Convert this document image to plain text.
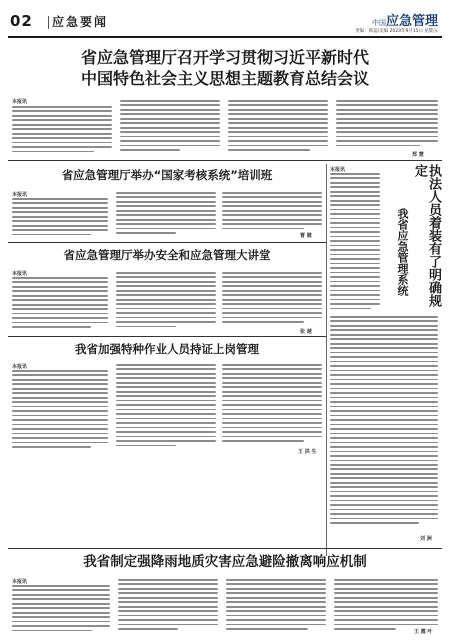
02 应急要闻	中国应急管理
责编：韩蕊/美编 2023年9月15日 星期五
省应急管理厅召开学习贯彻习近平新时代
中国特色社会主义思想主题教育总结会议
本报讯
郑 慧
省应急管理厅举办“国家考核系统”培训班
本报讯
曹 健
省应急管理厅举办安全和应急管理大讲堂
本报讯
张 越
我省加强特种作业人员持证上岗管理
本报讯
王 洪 生
本报讯	执法人员着装有了明确规定
我省应急管理系统
刘 洲
我省制定强降雨地质灾害应急避险撤离响应机制
本报讯
王 霞 叶
